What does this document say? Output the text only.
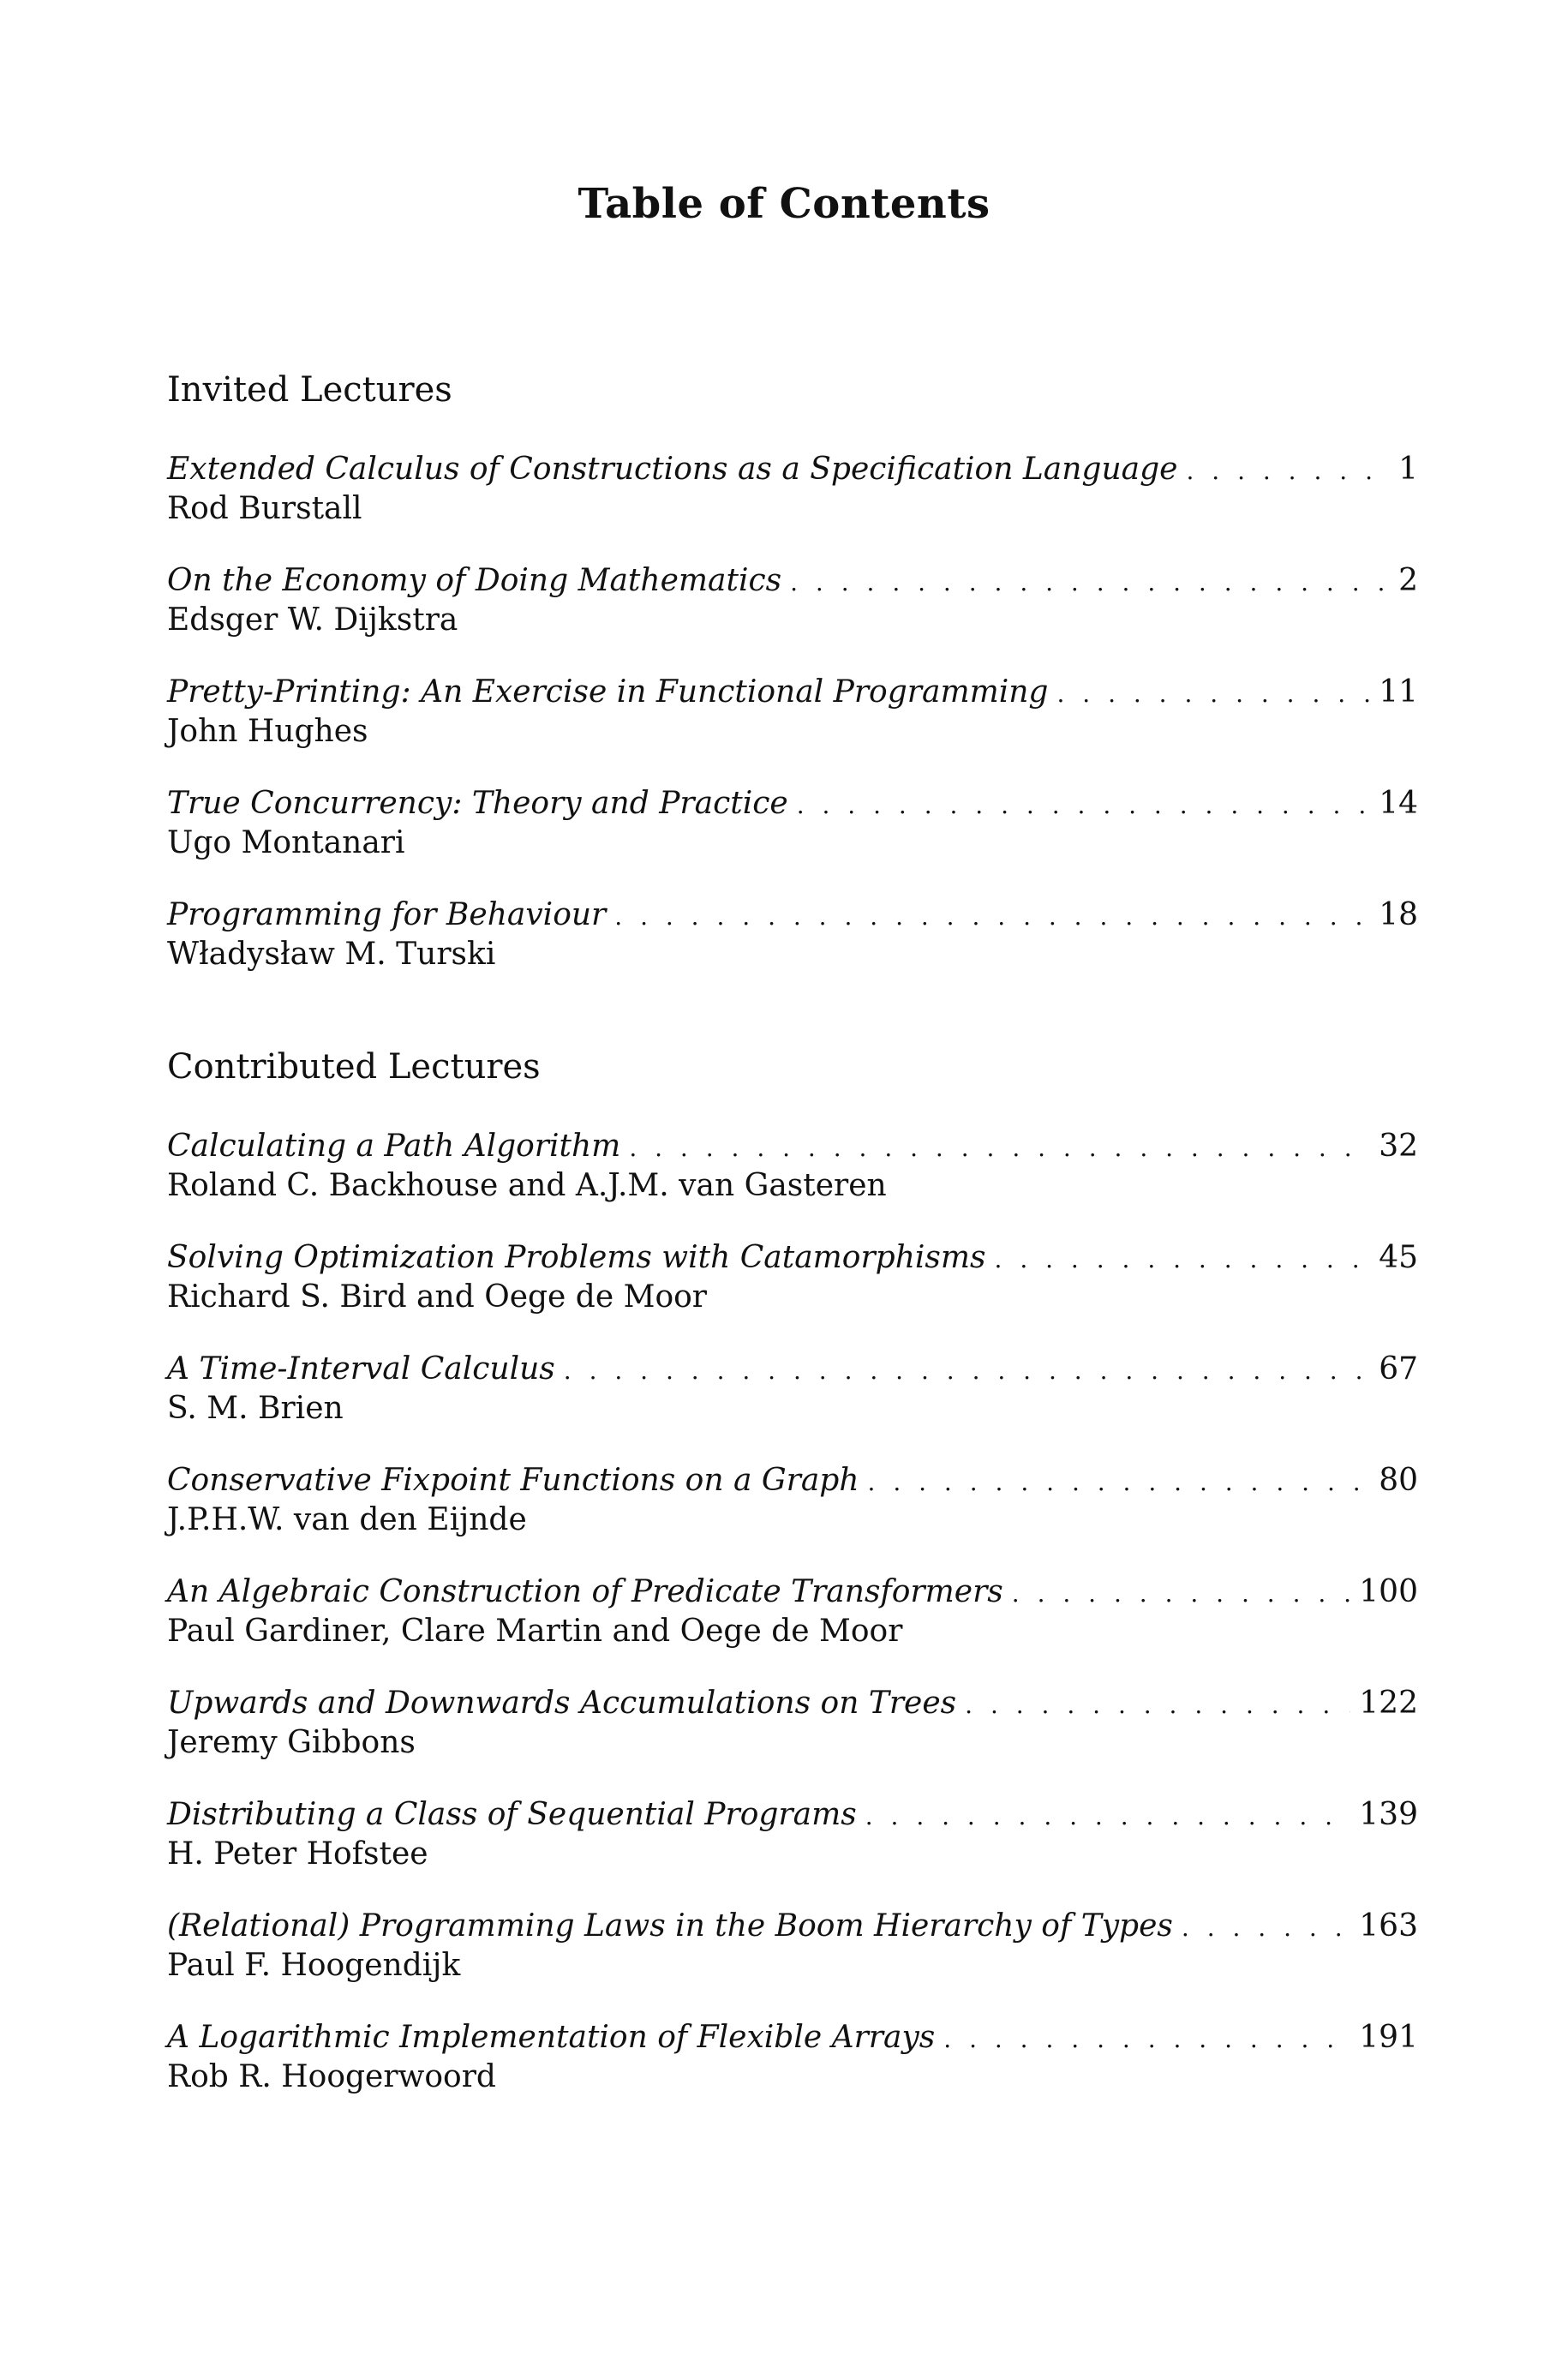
Table of Contents
Invited Lectures
Extended Calculus of Constructions as a Specification Language . . .	1
Rod Burstall
On the Economy of Doing Mathematics . . .	2
Edsger W. Dijkstra
Pretty-Printing: An Exercise in Functional Programming . . .	11
John Hughes
True Concurrency: Theory and Practice . . .	14
Ugo Montanari
Programming for Behaviour . . .	18
Władysław M. Turski
Contributed Lectures
Calculating a Path Algorithm . . .	32
Roland C. Backhouse and A.J.M. van Gasteren
Solving Optimization Problems with Catamorphisms . . .	45
Richard S. Bird and Oege de Moor
A Time-Interval Calculus . . .	67
S. M. Brien
Conservative Fixpoint Functions on a Graph . . .	80
J.P.H.W. van den Eijnde
An Algebraic Construction of Predicate Transformers . . .	100
Paul Gardiner, Clare Martin and Oege de Moor
Upwards and Downwards Accumulations on Trees . . .	122
Jeremy Gibbons
Distributing a Class of Sequential Programs . . .	139
H. Peter Hofstee
(Relational) Programming Laws in the Boom Hierarchy of Types . . .	163
Paul F. Hoogendijk
A Logarithmic Implementation of Flexible Arrays . . .	191
Rob R. Hoogerwoord
